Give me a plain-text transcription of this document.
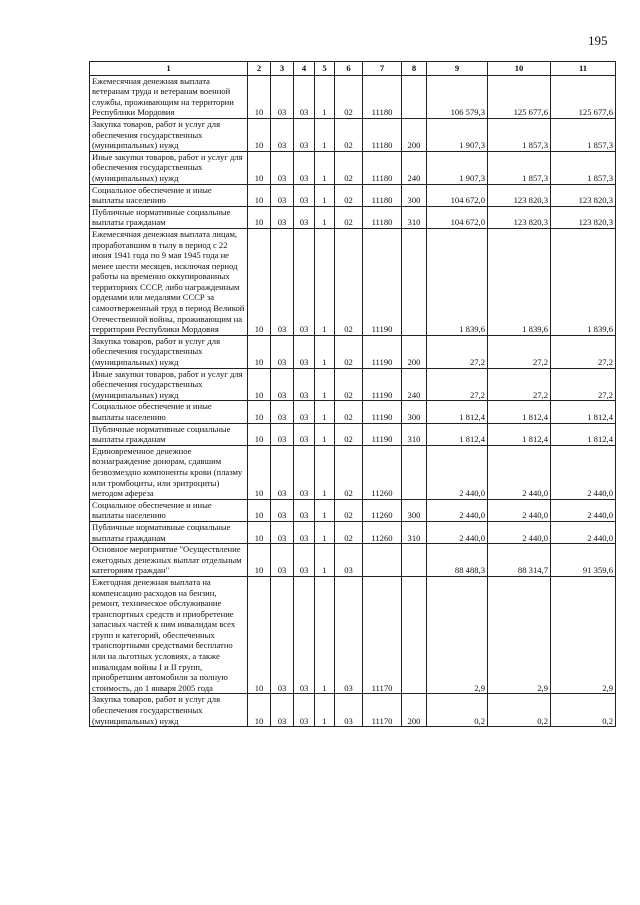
195
1	2	3	4	5	6	7	8	9	10	11
Ежемесячная денежная выплата ветеранам труда и ветеранам военной службы, проживающим на территории Республики Мордовия	10	03	03	1	02	11180		106 579,3	125 677,6	125 677,6
Закупка товаров, работ и услуг для обеспечения государственных (муниципальных) нужд	10	03	03	1	02	11180	200	1 907,3	1 857,3	1 857,3
Иные закупки товаров, работ и услуг для обеспечения государственных (муниципальных) нужд	10	03	03	1	02	11180	240	1 907,3	1 857,3	1 857,3
Социальное обеспечение и иные выплаты населению	10	03	03	1	02	11180	300	104 672,0	123 820,3	123 820,3
Публичные нормативные социальные выплаты гражданам	10	03	03	1	02	11180	310	104 672,0	123 820,3	123 820,3
Ежемесячная денежная выплата лицам, проработавшим в тылу в период с 22 июня 1941 года по 9 мая 1945 года не менее шести месяцев, исключая период работы на временно оккупированных территориях СССР, либо награжденным орденами или медалями СССР за самоотверженный труд в период Великой Отечественной войны, проживающим на территории Республики Мордовия	10	03	03	1	02	11190		1 839,6	1 839,6	1 839,6
Закупка товаров, работ и услуг для обеспечения государственных (муниципальных) нужд	10	03	03	1	02	11190	200	27,2	27,2	27,2
Иные закупки товаров, работ и услуг для обеспечения государственных (муниципальных) нужд	10	03	03	1	02	11190	240	27,2	27,2	27,2
Социальное обеспечение и иные выплаты населению	10	03	03	1	02	11190	300	1 812,4	1 812,4	1 812,4
Публичные нормативные социальные выплаты гражданам	10	03	03	1	02	11190	310	1 812,4	1 812,4	1 812,4
Единовременное денежное вознаграждение донорам, сдавшим безвозмездно компоненты крови (плазму или тромбоциты, или эритроциты) методом афереза	10	03	03	1	02	11260		2 440,0	2 440,0	2 440,0
Социальное обеспечение и иные выплаты населению	10	03	03	1	02	11260	300	2 440,0	2 440,0	2 440,0
Публичные нормативные социальные выплаты гражданам	10	03	03	1	02	11260	310	2 440,0	2 440,0	2 440,0
Основное мероприятие "Осуществление ежегодных денежных выплат отдельным категориям граждан"	10	03	03	1	03			88 488,3	88 314,7	91 359,6
Ежегодная денежная выплата на компенсацию расходов на бензин, ремонт, техническое обслуживание транспортных средств и приобретение запасных частей к ним инвалидам всех групп и категорий, обеспеченных транспортными средствами бесплатно или на льготных условиях, а также инвалидам войны I и II групп, приобретшим автомобили за полную стоимость, до 1 января 2005 года	10	03	03	1	03	11170		2,9	2,9	2,9
Закупка товаров, работ и услуг для обеспечения государственных (муниципальных) нужд	10	03	03	1	03	11170	200	0,2	0,2	0,2
